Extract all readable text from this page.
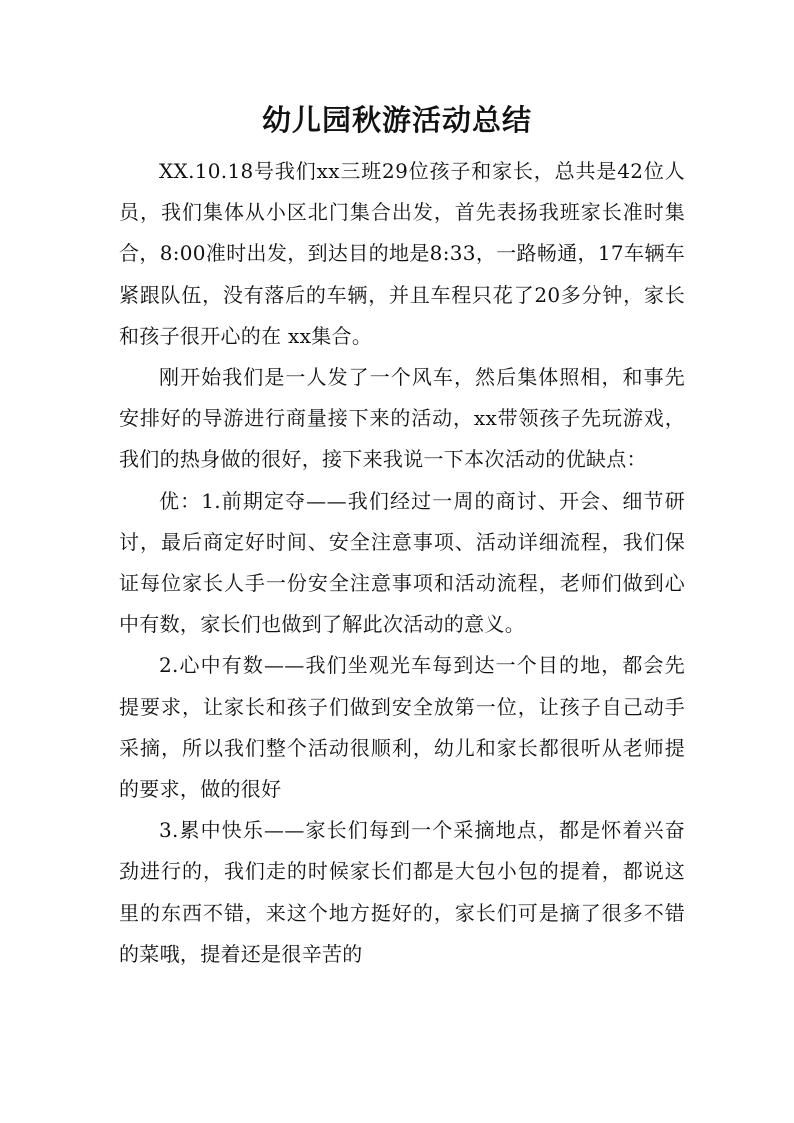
幼儿园秋游活动总结

XX.10.18号我们xx三班29位孩子和家长，总共是42位人员，我们集体从小区北门集合出发，首先表扬我班家长准时集合，8:00准时出发，到达目的地是8:33，一路畅通，17车辆车紧跟队伍，没有落后的车辆，并且车程只花了20多分钟，家长和孩子很开心的在 xx集合。

刚开始我们是一人发了一个风车，然后集体照相，和事先安排好的导游进行商量接下来的活动，xx带领孩子先玩游戏，我们的热身做的很好，接下来我说一下本次活动的优缺点：

优：1.前期定夺——我们经过一周的商讨、开会、细节研讨，最后商定好时间、安全注意事项、活动详细流程，我们保证每位家长人手一份安全注意事项和活动流程，老师们做到心中有数，家长们也做到了解此次活动的意义。

2.心中有数——我们坐观光车每到达一个目的地，都会先提要求，让家长和孩子们做到安全放第一位，让孩子自己动手采摘，所以我们整个活动很顺利，幼儿和家长都很听从老师提的要求，做的很好

3.累中快乐——家长们每到一个采摘地点，都是怀着兴奋劲进行的，我们走的时候家长们都是大包小包的提着，都说这里的东西不错，来这个地方挺好的，家长们可是摘了很多不错的菜哦，提着还是很辛苦的
